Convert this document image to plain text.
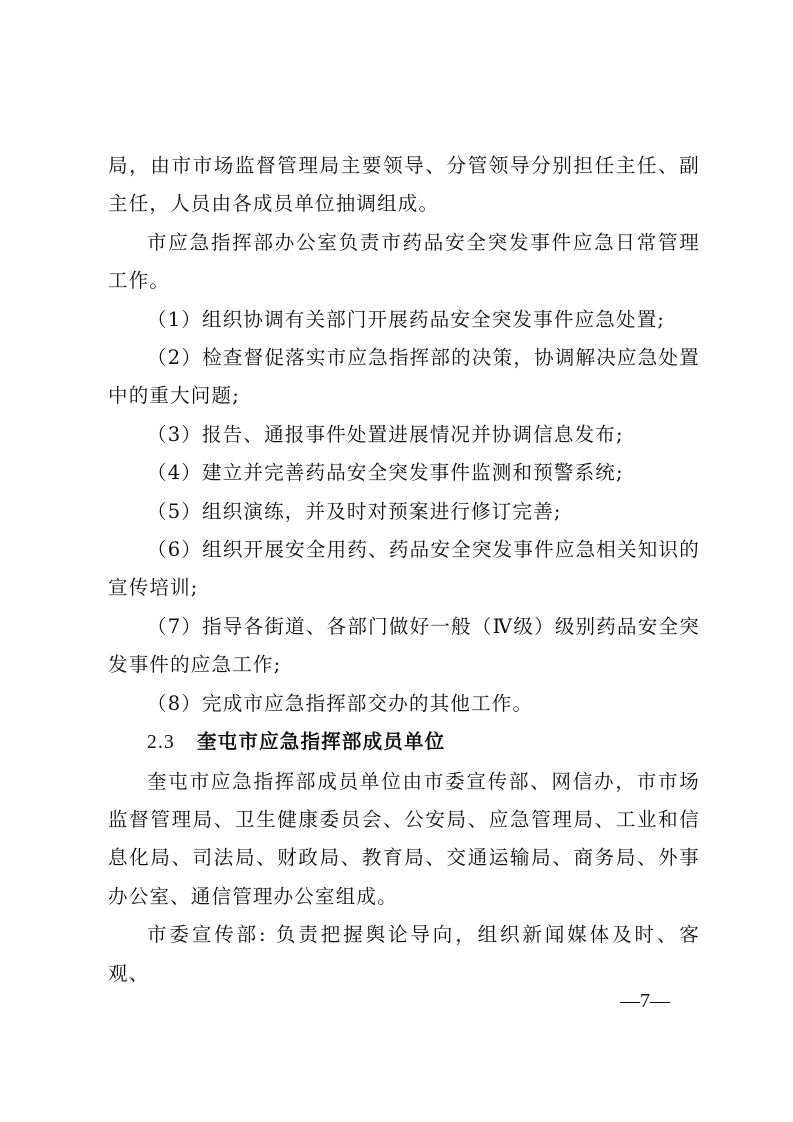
局，由市市场监督管理局主要领导、分管领导分别担任主任、副主任，人员由各成员单位抽调组成。

市应急指挥部办公室负责市药品安全突发事件应急日常管理工作。

（1）组织协调有关部门开展药品安全突发事件应急处置;

（2）检查督促落实市应急指挥部的决策，协调解决应急处置中的重大问题;

（3）报告、通报事件处置进展情况并协调信息发布;

（4）建立并完善药品安全突发事件监测和预警系统;

（5）组织演练，并及时对预案进行修订完善;

（6）组织开展安全用药、药品安全突发事件应急相关知识的宣传培训;

（7）指导各街道、各部门做好一般（Ⅳ级）级别药品安全突发事件的应急工作;

（8）完成市应急指挥部交办的其他工作。

2.3 奎屯市应急指挥部成员单位

奎屯市应急指挥部成员单位由市委宣传部、网信办，市市场监督管理局、卫生健康委员会、公安局、应急管理局、工业和信息化局、司法局、财政局、教育局、交通运输局、商务局、外事办公室、通信管理办公室组成。

市委宣传部: 负责把握舆论导向，组织新闻媒体及时、客观、

—7—
